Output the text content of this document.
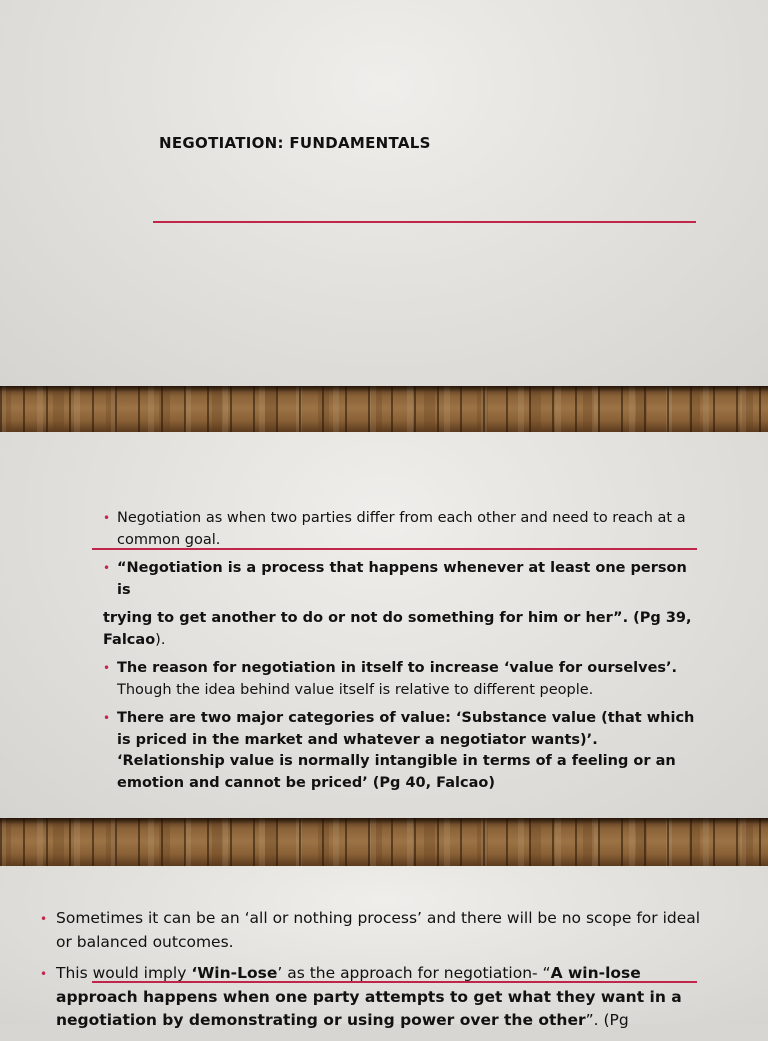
NEGOTIATION: FUNDAMENTALS
• Negotiation as when two parties differ from each other and need to reach at a common goal.
• “Negotiation is a process that happens whenever at least one person is

trying to get another to do or not do something for him or her”. (Pg 39, Falcao).

• The reason for negotiation in itself to increase ‘value for ourselves’. Though the idea behind value itself is relative to different people.
• There are two major categories of value: ‘Substance value (that which is priced in the market and whatever a negotiator wants)’. ‘Relationship value is normally intangible in terms of a feeling or an emotion and cannot be priced’ (Pg 40, Falcao)
• Sometimes it can be an ‘all or nothing process’ and there will be no scope for ideal or balanced outcomes.
• This would imply ‘Win-Lose’ as the approach for negotiation- “A win-lose approach happens when one party attempts to get what they want in a negotiation by demonstrating or using power over the other”. (Pg
